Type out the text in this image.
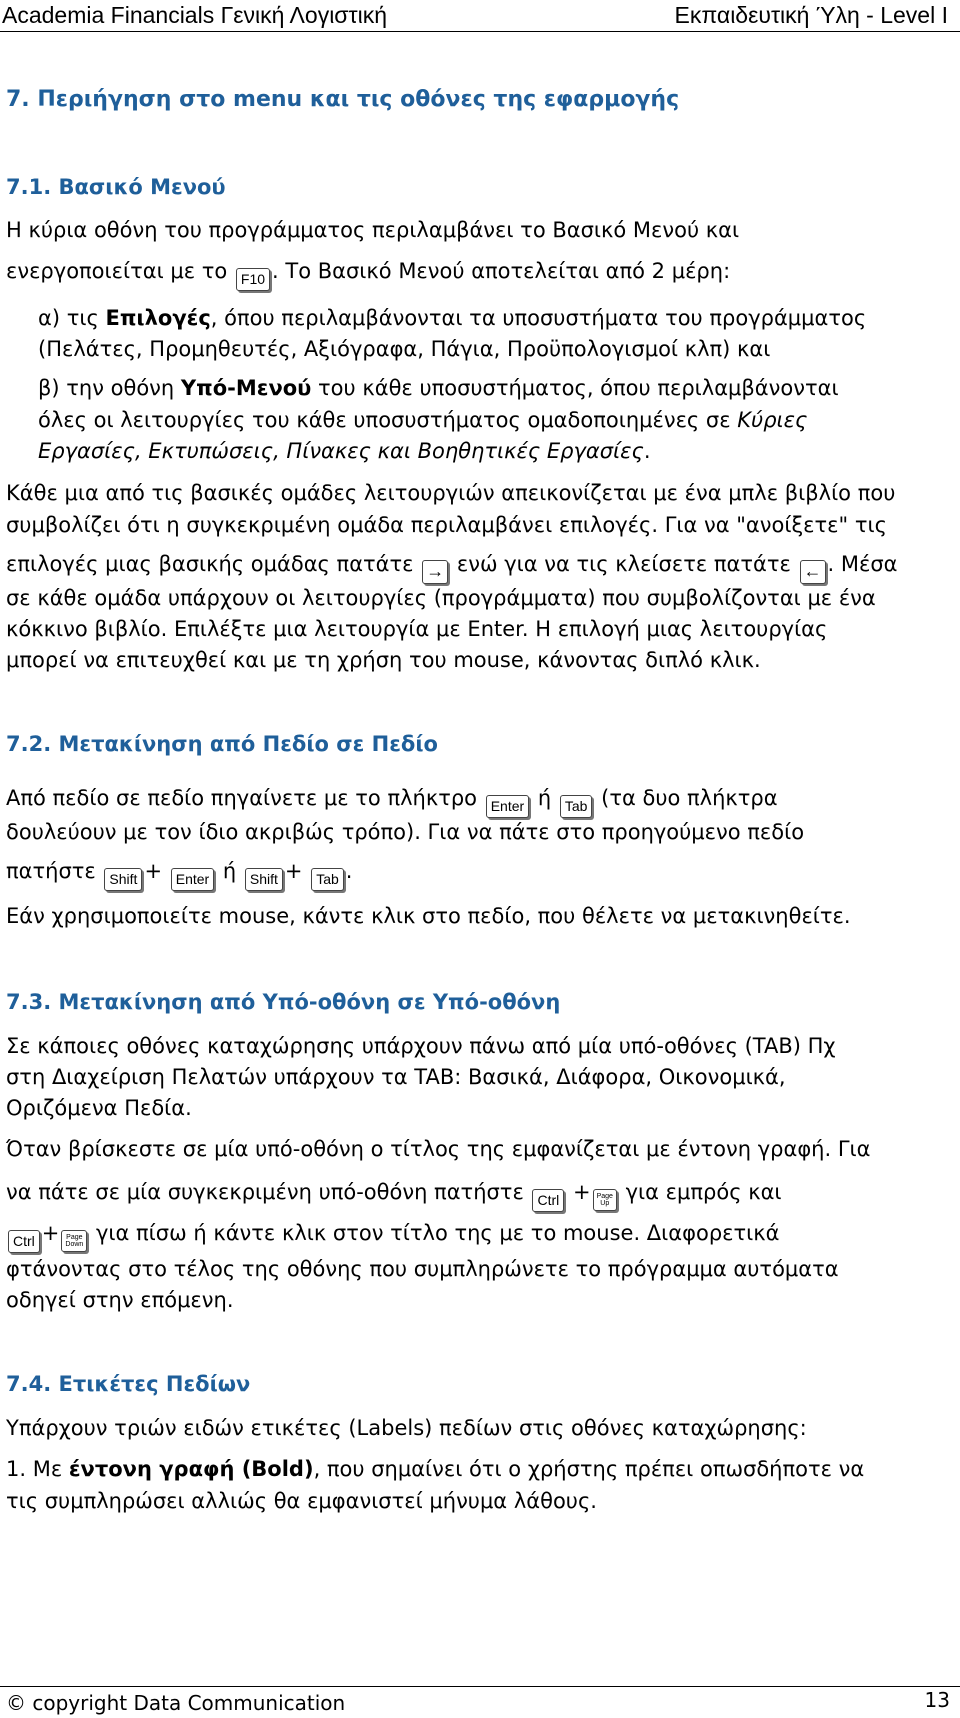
Academia Financials Γενική Λογιστική	Εκπαιδευτική Ύλη - Level I
7. Περιήγηση στο menu και τις οθόνες της εφαρμογής
7.1. Βασικό Μενού
Η κύρια οθόνη του προγράμματος περιλαμβάνει το Βασικό Μενού και
ενεργοποιείται με το F10 . Το Βασικό Μενού αποτελείται από 2 μέρη:
α) τις Επιλογές, όπου περιλαμβάνονται τα υποσυστήματα του προγράμματος
(Πελάτες, Προμηθευτές, Αξιόγραφα, Πάγια, Προϋπολογισμοί κλπ) και
β) την οθόνη Υπό-Μενού του κάθε υποσυστήματος, όπου περιλαμβάνονται
όλες οι λειτουργίες του κάθε υποσυστήματος ομαδοποιημένες σε Κύριες
Εργασίες, Εκτυπώσεις, Πίνακες και Βοηθητικές Εργασίες.
Κάθε μια από τις βασικές ομάδες λειτουργιών απεικονίζεται με ένα μπλε βιβλίο που
συμβολίζει ότι η συγκεκριμένη ομάδα περιλαμβάνει επιλογές. Για να "ανοίξετε" τις
επιλογές μιας βασικής ομάδας πατάτε → ενώ για να τις κλείσετε πατάτε ← . Μέσα
σε κάθε ομάδα υπάρχουν οι λειτουργίες (προγράμματα) που συμβολίζονται με ένα
κόκκινο βιβλίο. Επιλέξτε μια λειτουργία με Enter. Η επιλογή μιας λειτουργίας
μπορεί να επιτευχθεί και με τη χρήση του mouse, κάνοντας διπλό κλικ.
7.2. Μετακίνηση από Πεδίο σε Πεδίο
Από πεδίο σε πεδίο πηγαίνετε με το πλήκτρο Enter ή Tab (τα δυο πλήκτρα
δουλεύουν με τον ίδιο ακριβώς τρόπο). Για να πάτε στο προηγούμενο πεδίο
πατήστε Shift + Enter ή Shift + Tab .
Εάν χρησιμοποιείτε mouse, κάντε κλικ στο πεδίο, που θέλετε να μετακινηθείτε.
7.3. Μετακίνηση από Υπό-οθόνη σε Υπό-οθόνη
Σε κάποιες οθόνες καταχώρησης υπάρχουν πάνω από μία υπό-οθόνες (TAB) Πχ
στη Διαχείριση Πελατών υπάρχουν τα TAB: Βασικά, Διάφορα, Οικονομικά,
Οριζόμενα Πεδία.
Όταν βρίσκεστε σε μία υπό-οθόνη ο τίτλος της εμφανίζεται με έντονη γραφή. Για
να πάτε σε μία συγκεκριμένη υπό-οθόνη πατήστε Ctrl + Page
Up για εμπρός και
Ctrl + Page
Down για πίσω ή κάντε κλικ στον τίτλο της με το mouse. Διαφορετικά
φτάνοντας στο τέλος της οθόνης που συμπληρώνετε το πρόγραμμα αυτόματα
οδηγεί στην επόμενη.
7.4. Ετικέτες Πεδίων
Υπάρχουν τριών ειδών ετικέτες (Labels) πεδίων στις οθόνες καταχώρησης:
1. Με έντονη γραφή (Bold), που σημαίνει ότι ο χρήστης πρέπει οπωσδήποτε να
τις συμπληρώσει αλλιώς θα εμφανιστεί μήνυμα λάθους.
© copyright Data Communication	13
